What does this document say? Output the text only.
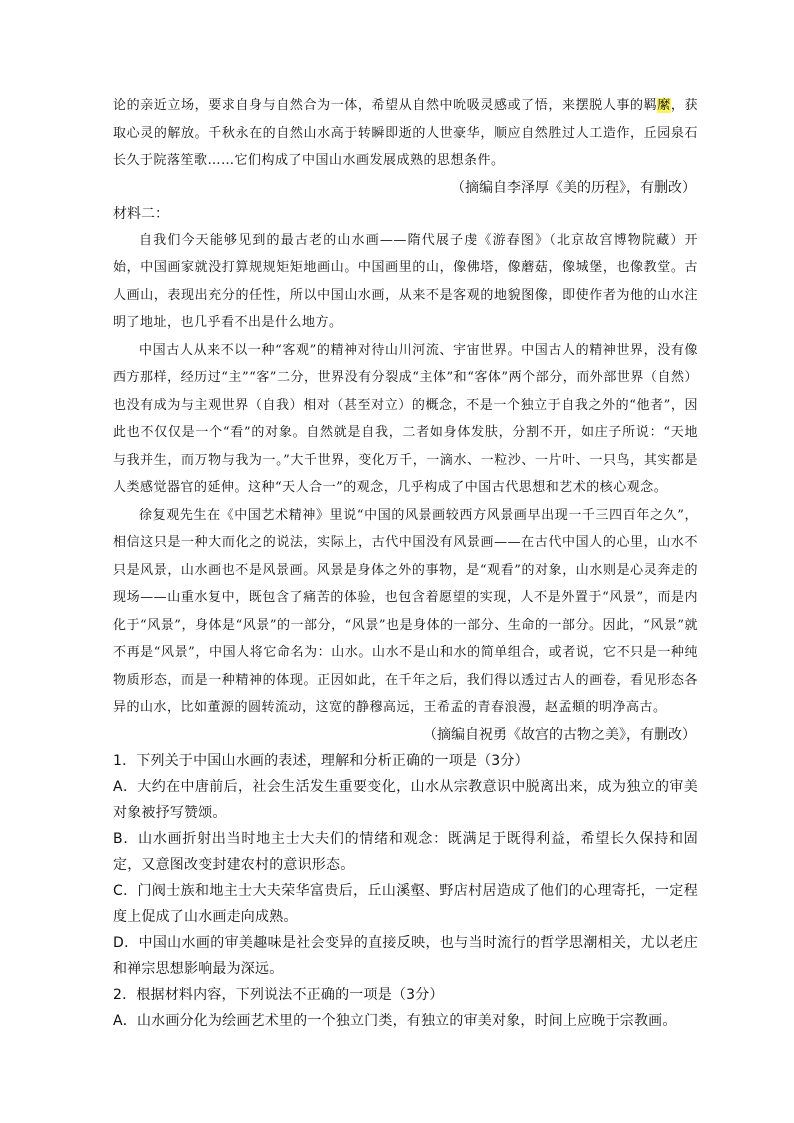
论的亲近立场，要求自身与自然合为一体，希望从自然中吮吸灵感或了悟，来摆脱人事的羁縻，获取心灵的解放。千秋永在的自然山水高于转瞬即逝的人世豪华，顺应自然胜过人工造作，丘园泉石长久于院落笙歌……它们构成了中国山水画发展成熟的思想条件。

（摘编自李泽厚《美的历程》，有删改）
材料二：

自我们今天能够见到的最古老的山水画——隋代展子虔《游春图》（北京故宫博物院藏）开始，中国画家就没打算规规矩矩地画山。中国画里的山，像佛塔，像蘑菇，像城堡，也像教堂。古人画山，表现出充分的任性，所以中国山水画，从来不是客观的地貌图像，即使作者为他的山水注明了地址，也几乎看不出是什么地方。

中国古人从来不以一种“客观”的精神对待山川河流、宇宙世界。中国古人的精神世界，没有像西方那样，经历过“主”“客”二分，世界没有分裂成“主体”和“客体”两个部分，而外部世界（自然）也没有成为与主观世界（自我）相对（甚至对立）的概念，不是一个独立于自我之外的“他者”，因此也不仅仅是一个“看”的对象。自然就是自我，二者如身体发肤，分割不开，如庄子所说：“天地与我并生，而万物与我为一。”大千世界，变化万千，一滴水、一粒沙、一片叶、一只鸟，其实都是人类感觉器官的延伸。这种“天人合一”的观念，几乎构成了中国古代思想和艺术的核心观念。

徐复观先生在《中国艺术精神》里说“中国的风景画较西方风景画早出现一千三四百年之久”，相信这只是一种大而化之的说法，实际上，古代中国没有风景画——在古代中国人的心里，山水不只是风景，山水画也不是风景画。风景是身体之外的事物，是“观看”的对象，山水则是心灵奔走的现场——山重水复中，既包含了痛苦的体验，也包含着愿望的实现，人不是外置于“风景”，而是内化于“风景”，身体是“风景”的一部分，“风景”也是身体的一部分、生命的一部分。因此，“风景”就不再是“风景”，中国人将它命名为：山水。山水不是山和水的简单组合，或者说，它不只是一种纯物质形态，而是一种精神的体现。正因如此，在千年之后，我们得以透过古人的画卷，看见形态各异的山水，比如董源的圆转流动，这宽的静穆高远，王希孟的青春浪漫，赵孟頫的明净高古。

（摘编自祝勇《故宫的古物之美》，有删改）

1．下列关于中国山水画的表述，理解和分析正确的一项是（3分）

A．大约在中唐前后，社会生活发生重要变化，山水从宗教意识中脱离出来，成为独立的审美对象被抒写赞颂。

B．山水画折射出当时地主士大夫们的情绪和观念：既满足于既得利益，希望长久保持和固定，又意图改变封建农村的意识形态。

C．门阀士族和地主士大夫荣华富贵后，丘山溪壑、野店村居造成了他们的心理寄托，一定程度上促成了山水画走向成熟。

D．中国山水画的审美趣味是社会变异的直接反映，也与当时流行的哲学思潮相关，尤以老庄和禅宗思想影响最为深远。

2．根据材料内容，下列说法不正确的一项是（3分）

A．山水画分化为绘画艺术里的一个独立门类，有独立的审美对象，时间上应晚于宗教画。
